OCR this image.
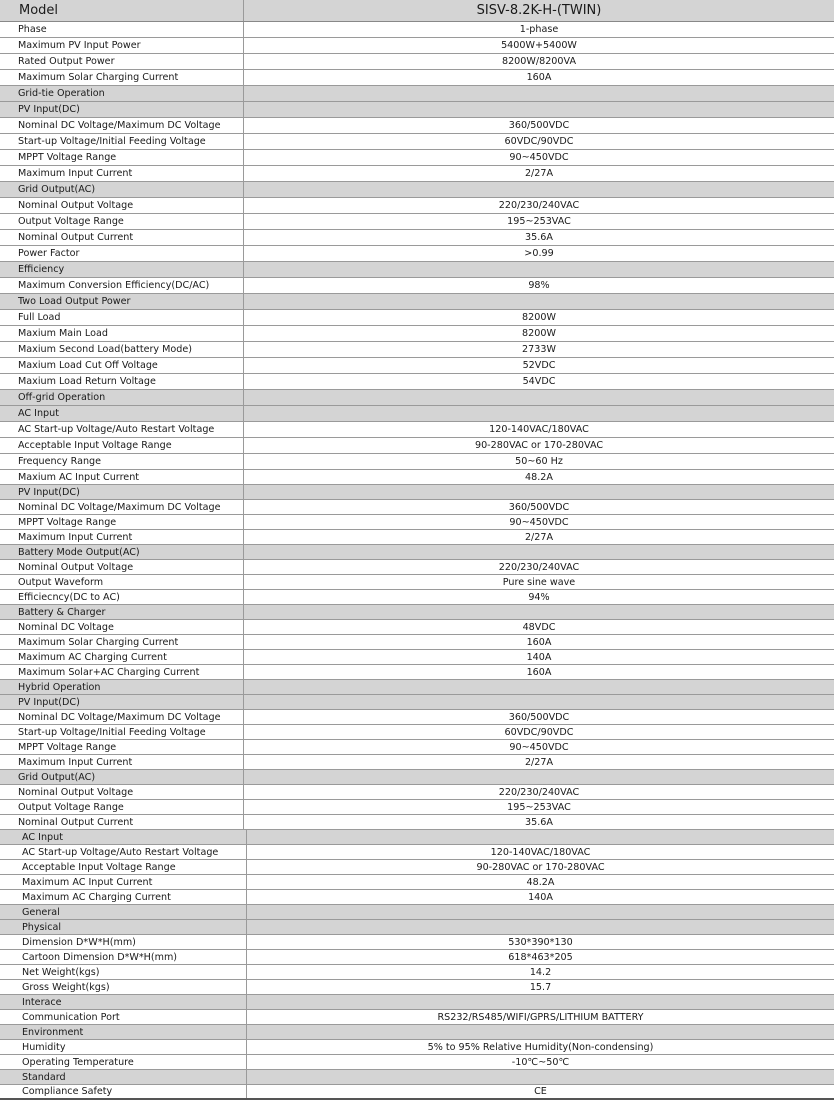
Model	SISV-8.2K-H-(TWIN)
Phase	1-phase
Maximum PV Input Power	5400W+5400W
Rated Output Power	8200W/8200VA
Maximum Solar Charging Current	160A
Grid-tie Operation
PV Input(DC)
Nominal DC Voltage/Maximum DC Voltage	360/500VDC
Start-up Voltage/Initial Feeding Voltage	60VDC/90VDC
MPPT Voltage Range	90~450VDC
Maximum Input Current	2/27A
Grid Output(AC)
Nominal Output Voltage	220/230/240VAC
Output Voltage Range	195~253VAC
Nominal Output Current	35.6A
Power Factor	>0.99
Efficiency
Maximum Conversion Efficiency(DC/AC)	98%
Two Load Output Power
Full Load	8200W
Maxium Main Load	8200W
Maxium Second Load(battery Mode)	2733W
Maxium Load Cut Off Voltage	52VDC
Maxium Load Return Voltage	54VDC
Off-grid Operation
AC Input
AC Start-up Voltage/Auto Restart Voltage	120-140VAC/180VAC
Acceptable Input Voltage Range	90-280VAC or 170-280VAC
Frequency Range	50~60 Hz
Maxium AC Input Current	48.2A
PV Input(DC)
Nominal DC Voltage/Maximum DC Voltage	360/500VDC
MPPT Voltage Range	90~450VDC
Maximum Input Current	2/27A
Battery Mode Output(AC)
Nominal Output Voltage	220/230/240VAC
Output Waveform	Pure sine wave
Efficiecncy(DC to AC)	94%
Battery & Charger
Nominal DC Voltage	48VDC
Maximum Solar Charging Current	160A
Maximum AC Charging Current	140A
Maximum Solar+AC Charging Current	160A
Hybrid Operation
PV Input(DC)
Nominal DC Voltage/Maximum DC Voltage	360/500VDC
Start-up Voltage/Initial Feeding Voltage	60VDC/90VDC
MPPT Voltage Range	90~450VDC
Maximum Input Current	2/27A
Grid Output(AC)
Nominal Output Voltage	220/230/240VAC
Output Voltage Range	195~253VAC
Nominal Output Current	35.6A
AC Input
AC Start-up Voltage/Auto Restart Voltage	120-140VAC/180VAC
Acceptable Input Voltage Range	90-280VAC or 170-280VAC
Maximum AC Input Current	48.2A
Maximum AC Charging Current	140A
General
Physical
Dimension D*W*H(mm)	530*390*130
Cartoon Dimension D*W*H(mm)	618*463*205
Net Weight(kgs)	14.2
Gross Weight(kgs)	15.7
Interace
Communication Port	RS232/RS485/WIFI/GPRS/LITHIUM BATTERY
Environment
Humidity	5% to 95% Relative Humidity(Non-condensing)
Operating Temperature	-10℃~50℃
Standard
Compliance Safety	CE
